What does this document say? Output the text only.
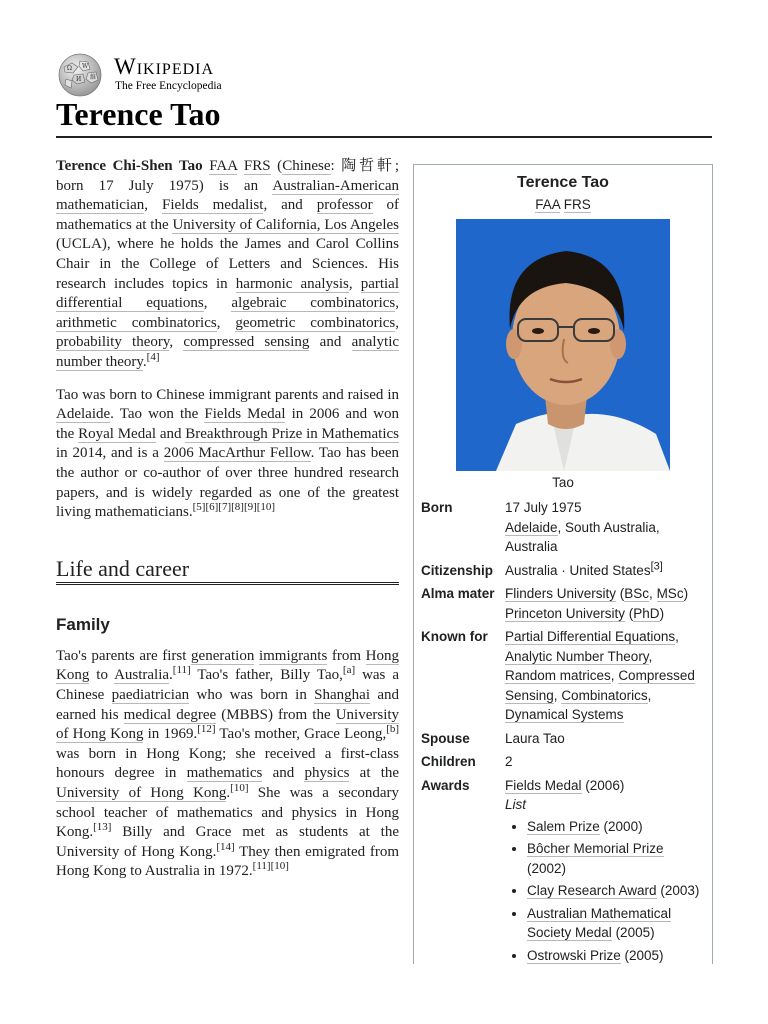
Ω W
И 維 Wikipedia
The Free Encyclopedia
Terence Tao

Terence Chi-Shen Tao FAA FRS (Chinese: 陶哲軒; born 17 July 1975) is an Australian-American mathematician, Fields medalist, and professor of mathematics at the University of California, Los Angeles (UCLA), where he holds the James and Carol Collins Chair in the College of Letters and Sciences. His research includes topics in harmonic analysis, partial differential equations, algebraic combinatorics, arithmetic combinatorics, geometric combinatorics, probability theory, compressed sensing and analytic number theory.[4]

Tao was born to Chinese immigrant parents and raised in Adelaide. Tao won the Fields Medal in 2006 and won the Royal Medal and Breakthrough Prize in Mathematics in 2014, and is a 2006 MacArthur Fellow. Tao has been the author or co-author of over three hundred research papers, and is widely regarded as one of the greatest living mathematicians.[5][6][7][8][9][10]

Life and career
Family

Tao's parents are first generation immigrants from Hong Kong to Australia.[11] Tao's father, Billy Tao,[a] was a Chinese paediatrician who was born in Shanghai and earned his medical degree (MBBS) from the University of Hong Kong in 1969.[12] Tao's mother, Grace Leong,[b] was born in Hong Kong; she received a first-class honours degree in mathematics and physics at the University of Hong Kong.[10] She was a secondary school teacher of mathematics and physics in Hong Kong.[13] Billy and Grace met as students at the University of Hong Kong.[14] They then emigrated from Hong Kong to Australia in 1972.[11][10]

Terence Tao
FAA FRS
Tao
Born	17 July 1975
Adelaide, South Australia, Australia
Citizenship Australia · United States[3]
Alma mater Flinders University (BSc, MSc)
Princeton University (PhD)
Known for	Partial Differential Equations, Analytic Number Theory, Random matrices, Compressed Sensing, Combinatorics, Dynamical Systems
Spouse	Laura Tao
Children	2
Awards	Fields Medal (2006)
List
• Salem Prize (2000)
• Bôcher Memorial Prize (2002)
• Clay Research Award (2003)
• Australian Mathematical Society Medal (2005)
• Ostrowski Prize (2005)
